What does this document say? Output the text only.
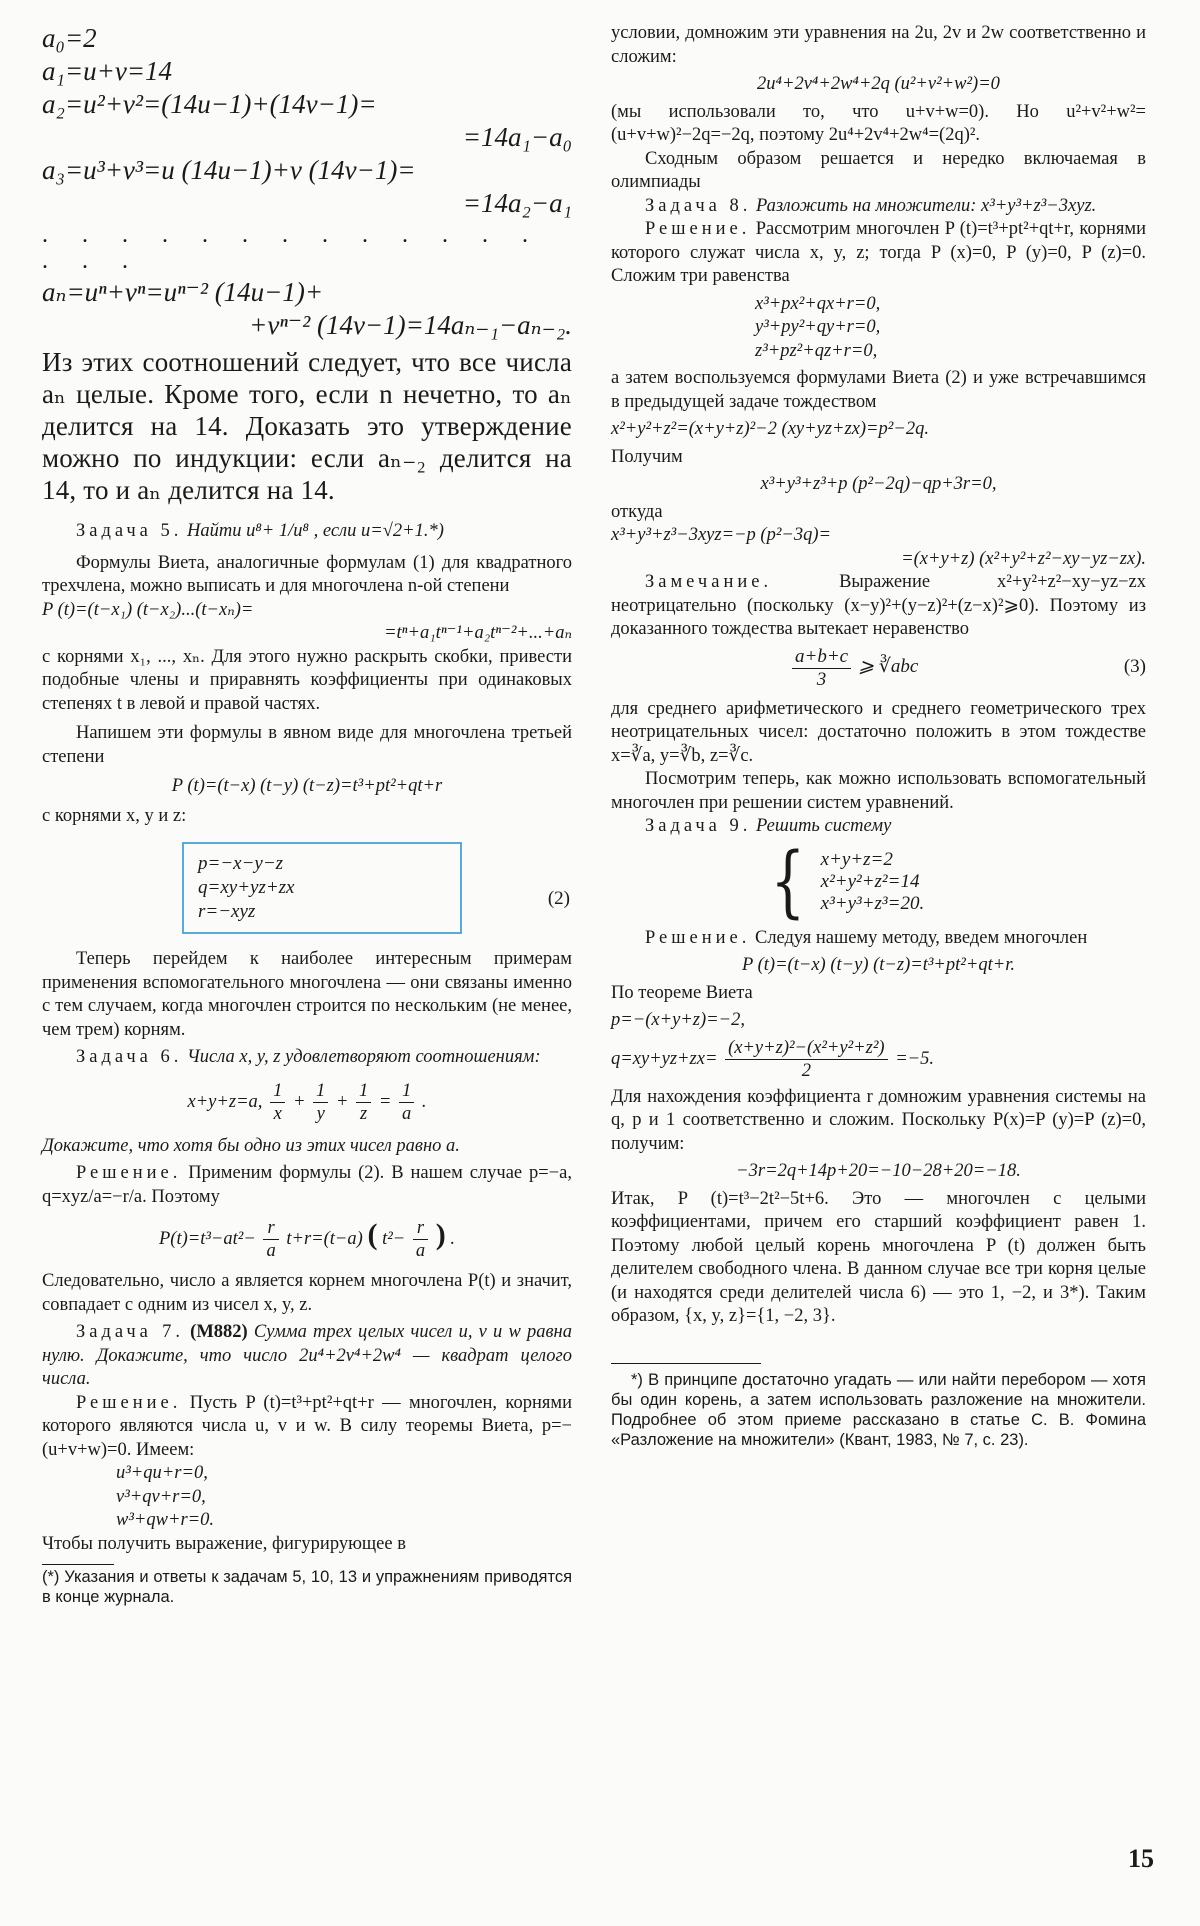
a₀=2

a₁=u+v=14

a₂=u²+v²=(14u−1)+(14v−1)=

=14a₁−a₀

a₃=u³+v³=u (14u−1)+v (14v−1)=

=14a₂−a₁

. . . . . . . . . . . . . . . .

aₙ=uⁿ+vⁿ=uⁿ⁻² (14u−1)+

+vⁿ⁻² (14v−1)=14aₙ₋₁−aₙ₋₂.

Из этих соотношений следует, что все числа aₙ целые. Кроме того, если n нечетно, то aₙ делится на 14. Доказать это утверждение можно по индукции: если aₙ₋₂ делится на 14, то и aₙ делится на 14.

Задача 5. Найти u⁸+ 1/u⁸ , если u=√2+1.*)

Формулы Виета, аналогичные формулам (1) для квадратного трехчлена, можно выписать и для многочлена n-ой степени

P (t)=(t−x₁) (t−x₂)...(t−xₙ)=

=tⁿ+a₁tⁿ⁻¹+a₂tⁿ⁻²+...+aₙ

с корнями x₁, ..., xₙ. Для этого нужно раскрыть скобки, привести подобные члены и приравнять коэффициенты при одинаковых степенях t в левой и правой частях.

Напишем эти формулы в явном виде для многочлена третьей степени

P (t)=(t−x) (t−y) (t−z)=t³+pt²+qt+r

с корнями x, y и z:

p=−x−y−z
q=xy+yz+zx
r=−xyz
(2)

Теперь перейдем к наиболее интересным примерам применения вспомогательного многочлена — они связаны именно с тем случаем, когда многочлен строится по нескольким (не менее, чем трем) корням.

Задача 6. Числа x, y, z удовлетворяют соотношениям:

x+y+z=a, $\frac{1}{x} + \frac{1}{y} + \frac{1}{z} = \frac{1}{a}$ .

Докажите, что хотя бы одно из этих чисел равно a.

Решение. Применим формулы (2). В нашем случае p=−a, q=xyz/a=−r/a. Поэтому

$P(t)=t^3-at^2- \frac{r}{a} t+r=(t-a)$ ( $t^2- \frac{r}{a}$ ) .

Следовательно, число a является корнем многочлена P(t) и значит, совпадает с одним из чисел x, y, z.

Задача 7. (М882) Сумма трех целых чисел u, v и w равна нулю. Докажите, что число 2u⁴+2v⁴+2w⁴ — квадрат целого числа.

Решение. Пусть P (t)=t³+pt²+qt+r — многочлен, корнями которого являются числа u, v и w. В силу теоремы Виета, p=−(u+v+w)=0. Имеем:

u³+qu+r=0,

v³+qv+r=0,

w³+qw+r=0.

Чтобы получить выражение, фигурирующее в

(*) Указания и ответы к задачам 5, 10, 13 и упражнениям приводятся в конце журнала.

условии, домножим эти уравнения на 2u, 2v и 2w соответственно и сложим:

2u⁴+2v⁴+2w⁴+2q (u²+v²+w²)=0

(мы использовали то, что u+v+w=0). Но u²+v²+w²=(u+v+w)²−2q=−2q, поэтому 2u⁴+2v⁴+2w⁴=(2q)².

Сходным образом решается и нередко включаемая в олимпиады

Задача 8. Разложить на множители: x³+y³+z³−3xyz.

Решение. Рассмотрим многочлен P (t)=t³+pt²+qt+r, корнями которого служат числа x, y, z; тогда P (x)=0, P (y)=0, P (z)=0. Сложим три равенства

x³+px²+qx+r=0,

y³+py²+qy+r=0,

z³+pz²+qz+r=0,

а затем воспользуемся формулами Виета (2) и уже встречавшимся в предыдущей задаче тождеством

x²+y²+z²=(x+y+z)²−2 (xy+yz+zx)=p²−2q.

Получим

x³+y³+z³+p (p²−2q)−qp+3r=0,

откуда

x³+y³+z³−3xyz=−p (p²−3q)=

=(x+y+z) (x²+y²+z²−xy−yz−zx).

Замечание.	Выражение x²+y²+z²−xy−yz−zx неотрицательно (поскольку (x−y)²+(y−z)²+(z−x)²⩾0). Поэтому из доказанного тождества вытекает неравенство

$\frac{a+b+c}{3}$ ⩾ ∛abc	(3)

для среднего арифметического и среднего геометрического трех неотрицательных чисел: достаточно положить в этом тождестве x=∛a, y=∛b, z=∛c.

Посмотрим теперь, как можно использовать вспомогательный многочлен при решении систем уравнений.

Задача 9. Решить систему

{ x+y+z=2
x²+y²+z²=14
x³+y³+z³=20.

Решение. Следуя нашему методу, введем многочлен

P (t)=(t−x) (t−y) (t−z)=t³+pt²+qt+r.

По теореме Виета

p=−(x+y+z)=−2,

$q=xy+yz+zx= \frac{\text{(x+y+z)²−(x²+y²+z²)}}{2} =-5$.

Для нахождения коэффициента r домножим уравнения системы на q, p и 1 соответственно и сложим. Поскольку P(x)=P (y)=P (z)=0, получим:

−3r=2q+14p+20=−10−28+20=−18.

Итак, P (t)=t³−2t²−5t+6. Это — многочлен с целыми коэффициентами, причем его старший коэффициент равен 1. Поэтому любой целый корень многочлена P (t) должен быть делителем свободного члена. В данном случае все три корня целые (и находятся среди делителей числа 6) — это 1, −2, и 3*). Таким образом, {x, y, z}={1, −2, 3}.

*) В принципе достаточно угадать — или найти перебором — хотя бы один корень, а затем использовать разложение на множители. Подробнее об этом приеме рассказано в статье С. В. Фомина «Разложение на множители» (Квант, 1983, № 7, с. 23).

15
